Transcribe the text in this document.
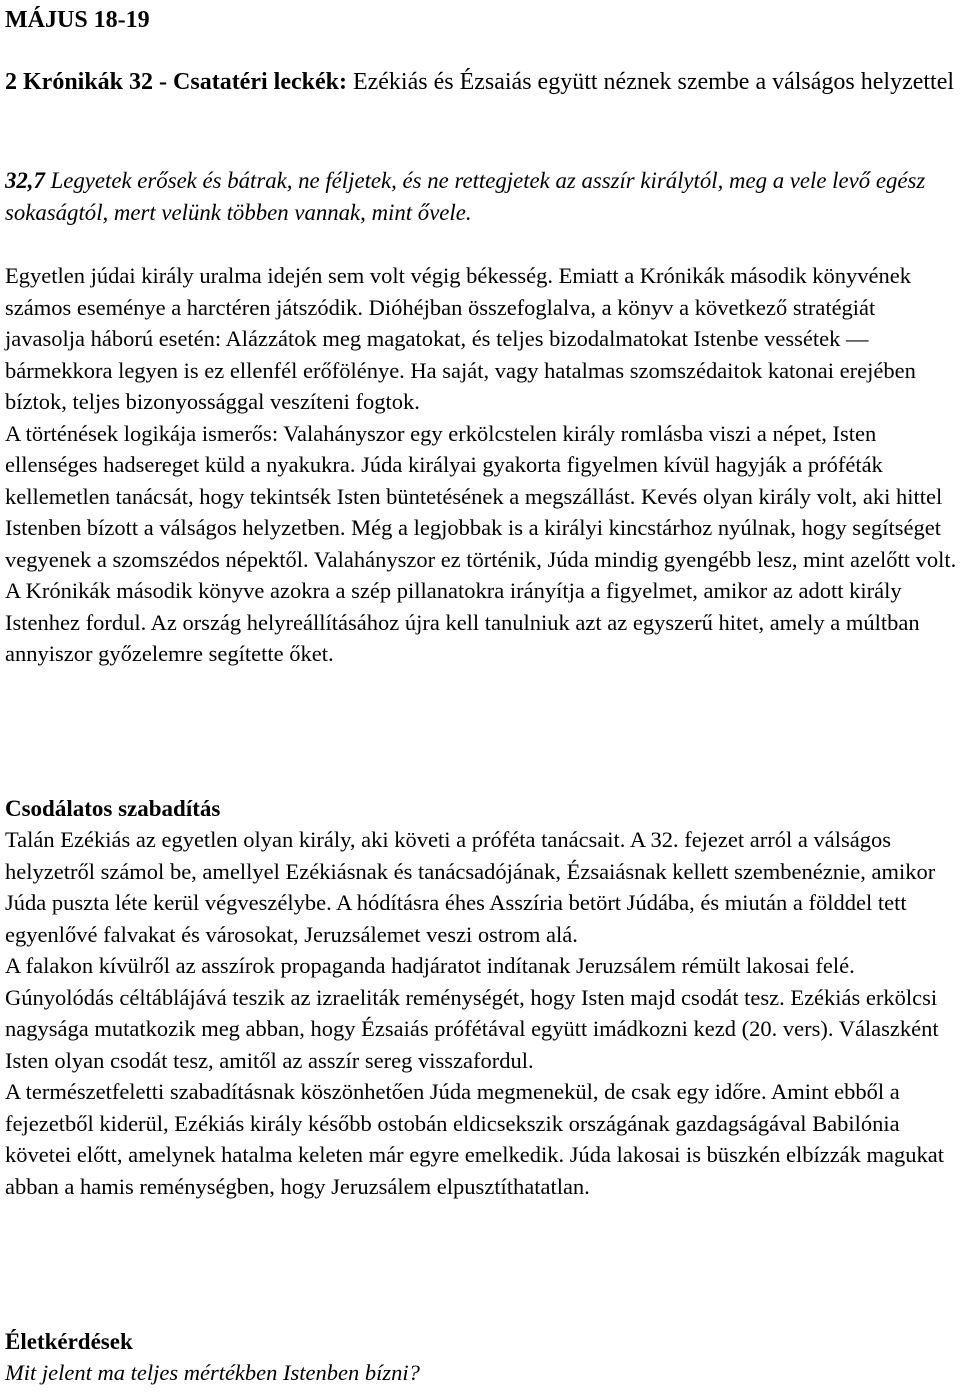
MÁJUS 18-19
2 Krónikák 32 - Csatatéri leckék: Ezékiás és Ézsaiás együtt néznek szembe a válságos helyzettel
32,7 Legyetek erősek és bátrak, ne féljetek, és ne rettegjetek az asszír királytól, meg a vele levő egész sokaságtól, mert velünk többen vannak, mint ővele.

Egyetlen júdai király uralma idején sem volt végig békesség. Emiatt a Krónikák második könyvének számos eseménye a harctéren játszódik. Dióhéjban összefoglalva, a könyv a következő stratégiát javasolja háború esetén: Alázzátok meg magatokat, és teljes bizodalmatokat Istenbe vessétek — bármekkora legyen is ez ellenfél erőfölénye. Ha saját, vagy hatalmas szomszédaitok katonai erejében bíztok, teljes bizonyossággal veszíteni fogtok.

A történések logikája ismerős: Valahányszor egy erkölcstelen király romlásba viszi a népet, Isten ellenséges hadsereget küld a nyakukra. Júda királyai gyakorta figyelmen kívül hagyják a próféták kellemetlen tanácsát, hogy tekintsék Isten büntetésének a megszállást. Kevés olyan király volt, aki hittel Istenben bízott a válságos helyzetben. Még a legjobbak is a királyi kincstárhoz nyúlnak, hogy segítséget vegyenek a szomszédos népektől. Valahányszor ez történik, Júda mindig gyengébb lesz, mint azelőtt volt.

A Krónikák második könyve azokra a szép pillanatokra irányítja a figyelmet, amikor az adott király Istenhez fordul. Az ország helyreállításához újra kell tanulniuk azt az egyszerű hitet, amely a múltban annyiszor győzelemre segítette őket.

Csodálatos szabadítás

Talán Ezékiás az egyetlen olyan király, aki követi a próféta tanácsait. A 32. fejezet arról a válságos helyzetről számol be, amellyel Ezékiásnak és tanácsadójának, Ézsaiásnak kellett szembenéznie, amikor Júda puszta léte kerül végveszélybe. A hódításra éhes Asszíria betört Júdába, és miután a földdel tett egyenlővé falvakat és városokat, Jeruzsálemet veszi ostrom alá.

A falakon kívülről az asszírok propaganda hadjáratot indítanak Jeruzsálem rémült lakosai felé. Gúnyolódás céltáblájává teszik az izraeliták reménységét, hogy Isten majd csodát tesz. Ezékiás erkölcsi nagysága mutatkozik meg abban, hogy Ézsaiás prófétával együtt imádkozni kezd (20. vers). Válaszként Isten olyan csodát tesz, amitől az asszír sereg visszafordul.

A természetfeletti szabadításnak köszönhetően Júda megmenekül, de csak egy időre. Amint ebből a fejezetből kiderül, Ezékiás király később ostobán eldicsekszik országának gazdagságával Babilónia követei előtt, amelynek hatalma keleten már egyre emelkedik. Júda lakosai is büszkén elbízzák magukat abban a hamis reménységben, hogy Jeruzsálem elpusztíthatatlan.

Életkérdések
Mit jelent ma teljes mértékben Istenben bízni?
